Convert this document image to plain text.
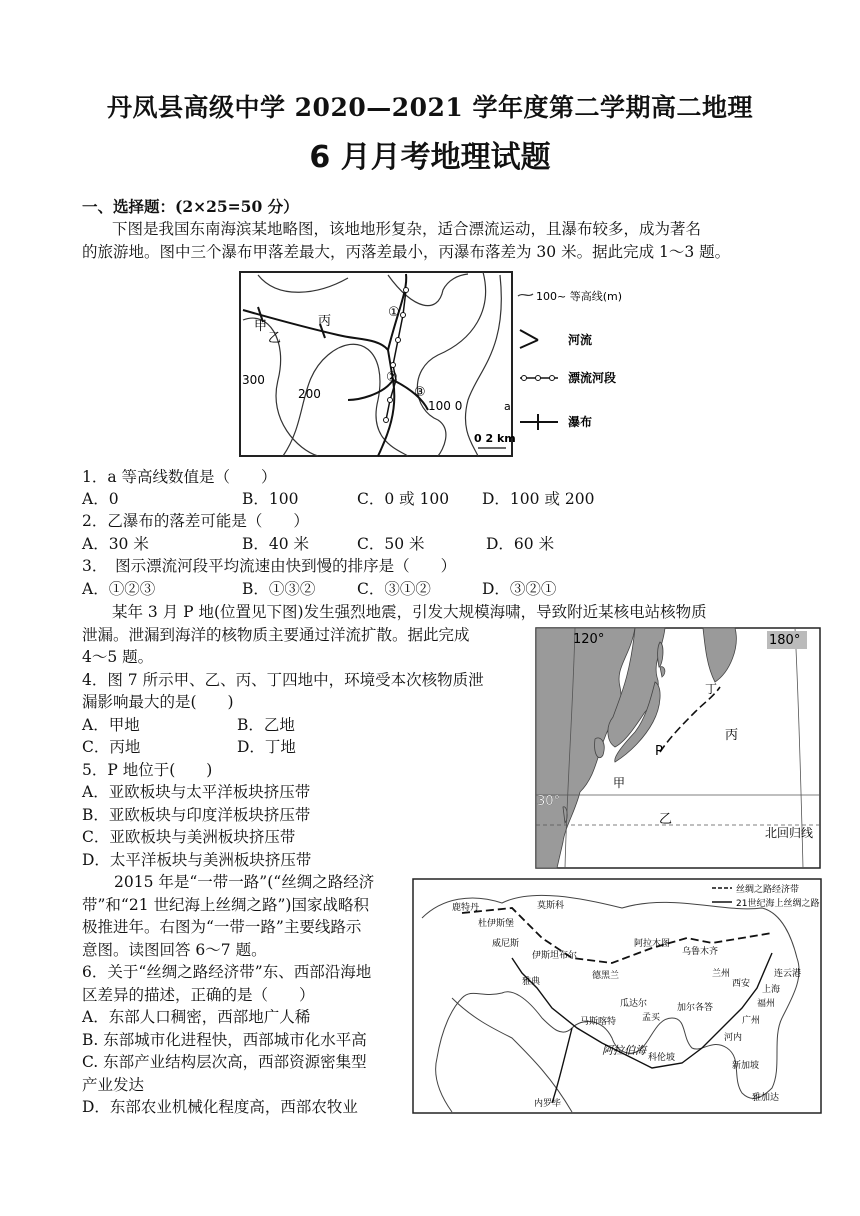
丹凤县高级中学 2020—2021 学年度第二学期高二地理
6 月月考地理试题
一、选择题：(2×25=50 分）
下图是我国东南海滨某地略图，该地地形复杂，适合漂流运动，且瀑布较多，成为著名
的旅游地。图中三个瀑布甲落差最大，丙落差最小，丙瀑布落差为 30 米。据此完成 1～3 题。
甲
乙
丙
300
200
100 0	a
①
②
③
0 2 km
100~ 等高线(m)
河流
漂流河段
瀑布
1．a 等高线数值是（　　）
A．0	B．100	C．0 或 100 D．100 或 200
2．乙瀑布的落差可能是（　　）
A．30 米	B．40 米	C．50 米	D．60 米
3．　图示漂流河段平均流速由快到慢的排序是（　　）
A．①②③	B．①③②	C．③①②	D．③②①
某年 3 月 P 地(位置见下图)发生强烈地震，引发大规模海啸，导致附近某核电站核物质
泄漏。泄漏到海洋的核物质主要通过洋流扩散。据此完成
4～5 题。
4．图 7 所示甲、乙、丙、丁四地中，环境受本次核物质泄
漏影响最大的是(　　)
A．甲地	B．乙地
C．丙地	D．丁地
5．P 地位于(　　)
A．亚欧板块与太平洋板块挤压带
B．亚欧板块与印度洋板块挤压带
C．亚欧板块与美洲板块挤压带
D．太平洋板块与美洲板块挤压带
120°	180°
丁
丙
P
甲
30°
乙
北回归线
2015 年是“一带一路”(“丝绸之路经济
带”和“21 世纪海上丝绸之路”)国家战略积
极推进年。右图为“一带一路”主要线路示
意图。读图回答 6～7 题。
6．关于“丝绸之路经济带”东、西部沿海地
区差异的描述，正确的是（　　）
A．东部人口稠密，西部地广人稀
B. 东部城市化进程快，西部城市化水平高
C. 东部产业结构层次高，西部资源密集型
产业发达
D．东部农业机械化程度高，西部农牧业
丝绸之路经济带
21世纪海上丝绸之路
鹿特丹	莫斯科
杜伊斯堡
威尼斯
伊斯坦布尔
雅典
阿拉木图
乌鲁木齐
德黑兰	兰州
西安
连云港
上海
瓜达尔
马斯喀特	孟买
加尔各答	福州
广州
河内
新加坡
科伦坡
内罗毕
雅加达
阿拉伯海
